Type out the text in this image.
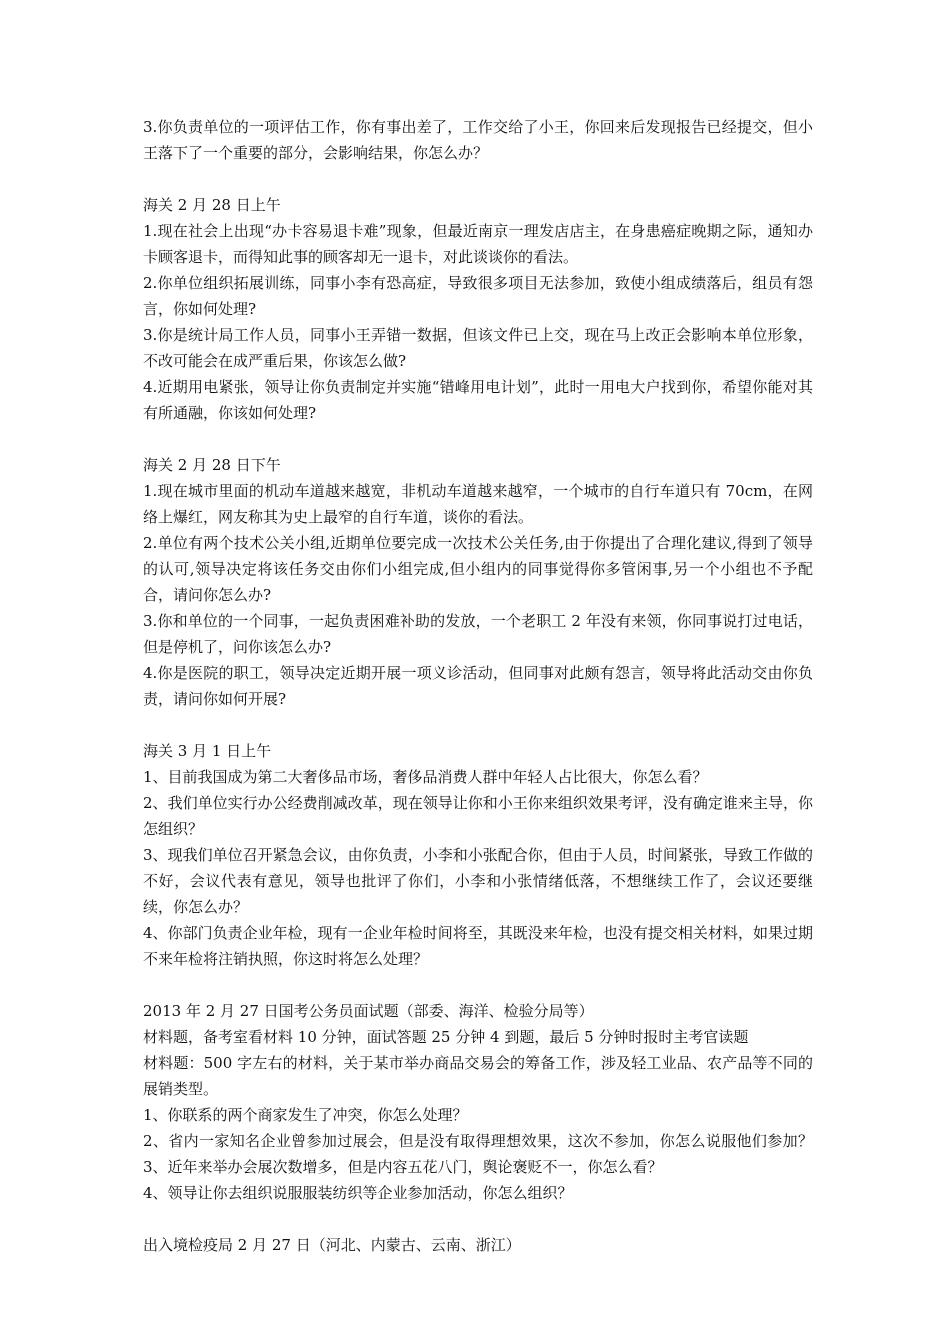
3.你负责单位的一项评估工作，你有事出差了，工作交给了小王，你回来后发现报告已经提交，但小王落下了一个重要的部分，会影响结果，你怎么办？

海关 2 月 28 日上午

1.现在社会上出现“办卡容易退卡难”现象，但最近南京一理发店店主，在身患癌症晚期之际，通知办卡顾客退卡，而得知此事的顾客却无一退卡，对此谈谈你的看法。

2.你单位组织拓展训练，同事小李有恐高症，导致很多项目无法参加，致使小组成绩落后，组员有怨言，你如何处理?

3.你是统计局工作人员，同事小王弄错一数据，但该文件已上交，现在马上改正会影响本单位形象，不改可能会在成严重后果，你该怎么做?

4.近期用电紧张，领导让你负责制定并实施“错峰用电计划”，此时一用电大户找到你，希望你能对其有所通融，你该如何处理?

海关 2 月 28 日下午

1.现在城市里面的机动车道越来越宽，非机动车道越来越窄，一个城市的自行车道只有 70cm，在网络上爆红，网友称其为史上最窄的自行车道，谈你的看法。

2.单位有两个技术公关小组,近期单位要完成一次技术公关任务,由于你提出了合理化建议,得到了领导的认可,领导决定将该任务交由你们小组完成,但小组内的同事觉得你多管闲事,另一个小组也不予配合，请问你怎么办?

3.你和单位的一个同事，一起负责困难补助的发放，一个老职工 2 年没有来领，你同事说打过电话，但是停机了，问你该怎么办?

4.你是医院的职工，领导决定近期开展一项义诊活动，但同事对此颇有怨言，领导将此活动交由你负责，请问你如何开展?

海关 3 月 1 日上午

1、目前我国成为第二大奢侈品市场，奢侈品消费人群中年轻人占比很大，你怎么看？

2、我们单位实行办公经费削减改革，现在领导让你和小王你来组织效果考评，没有确定谁来主导，你怎组织？

3、现我们单位召开紧急会议，由你负责，小李和小张配合你，但由于人员，时间紧张，导致工作做的不好，会议代表有意见，领导也批评了你们，小李和小张情绪低落，不想继续工作了，会议还要继续，你怎么办？

4、你部门负责企业年检，现有一企业年检时间将至，其既没来年检，也没有提交相关材料，如果过期不来年检将注销执照，你这时将怎么处理？

2013 年 2 月 27 日国考公务员面试题（部委、海洋、检验分局等）

材料题，备考室看材料 10 分钟，面试答题 25 分钟 4 到题，最后 5 分钟时报时主考官读题

材料题：500 字左右的材料，关于某市举办商品交易会的筹备工作，涉及轻工业品、农产品等不同的展销类型。

1、你联系的两个商家发生了冲突，你怎么处理？

2、省内一家知名企业曾参加过展会，但是没有取得理想效果，这次不参加，你怎么说服他们参加？ 3、近年来举办会展次数增多，但是内容五花八门，舆论褒贬不一，你怎么看？

4、领导让你去组织说服服装纺织等企业参加活动，你怎么组织？

出入境检疫局 2 月 27 日（河北、内蒙古、云南、浙江）
